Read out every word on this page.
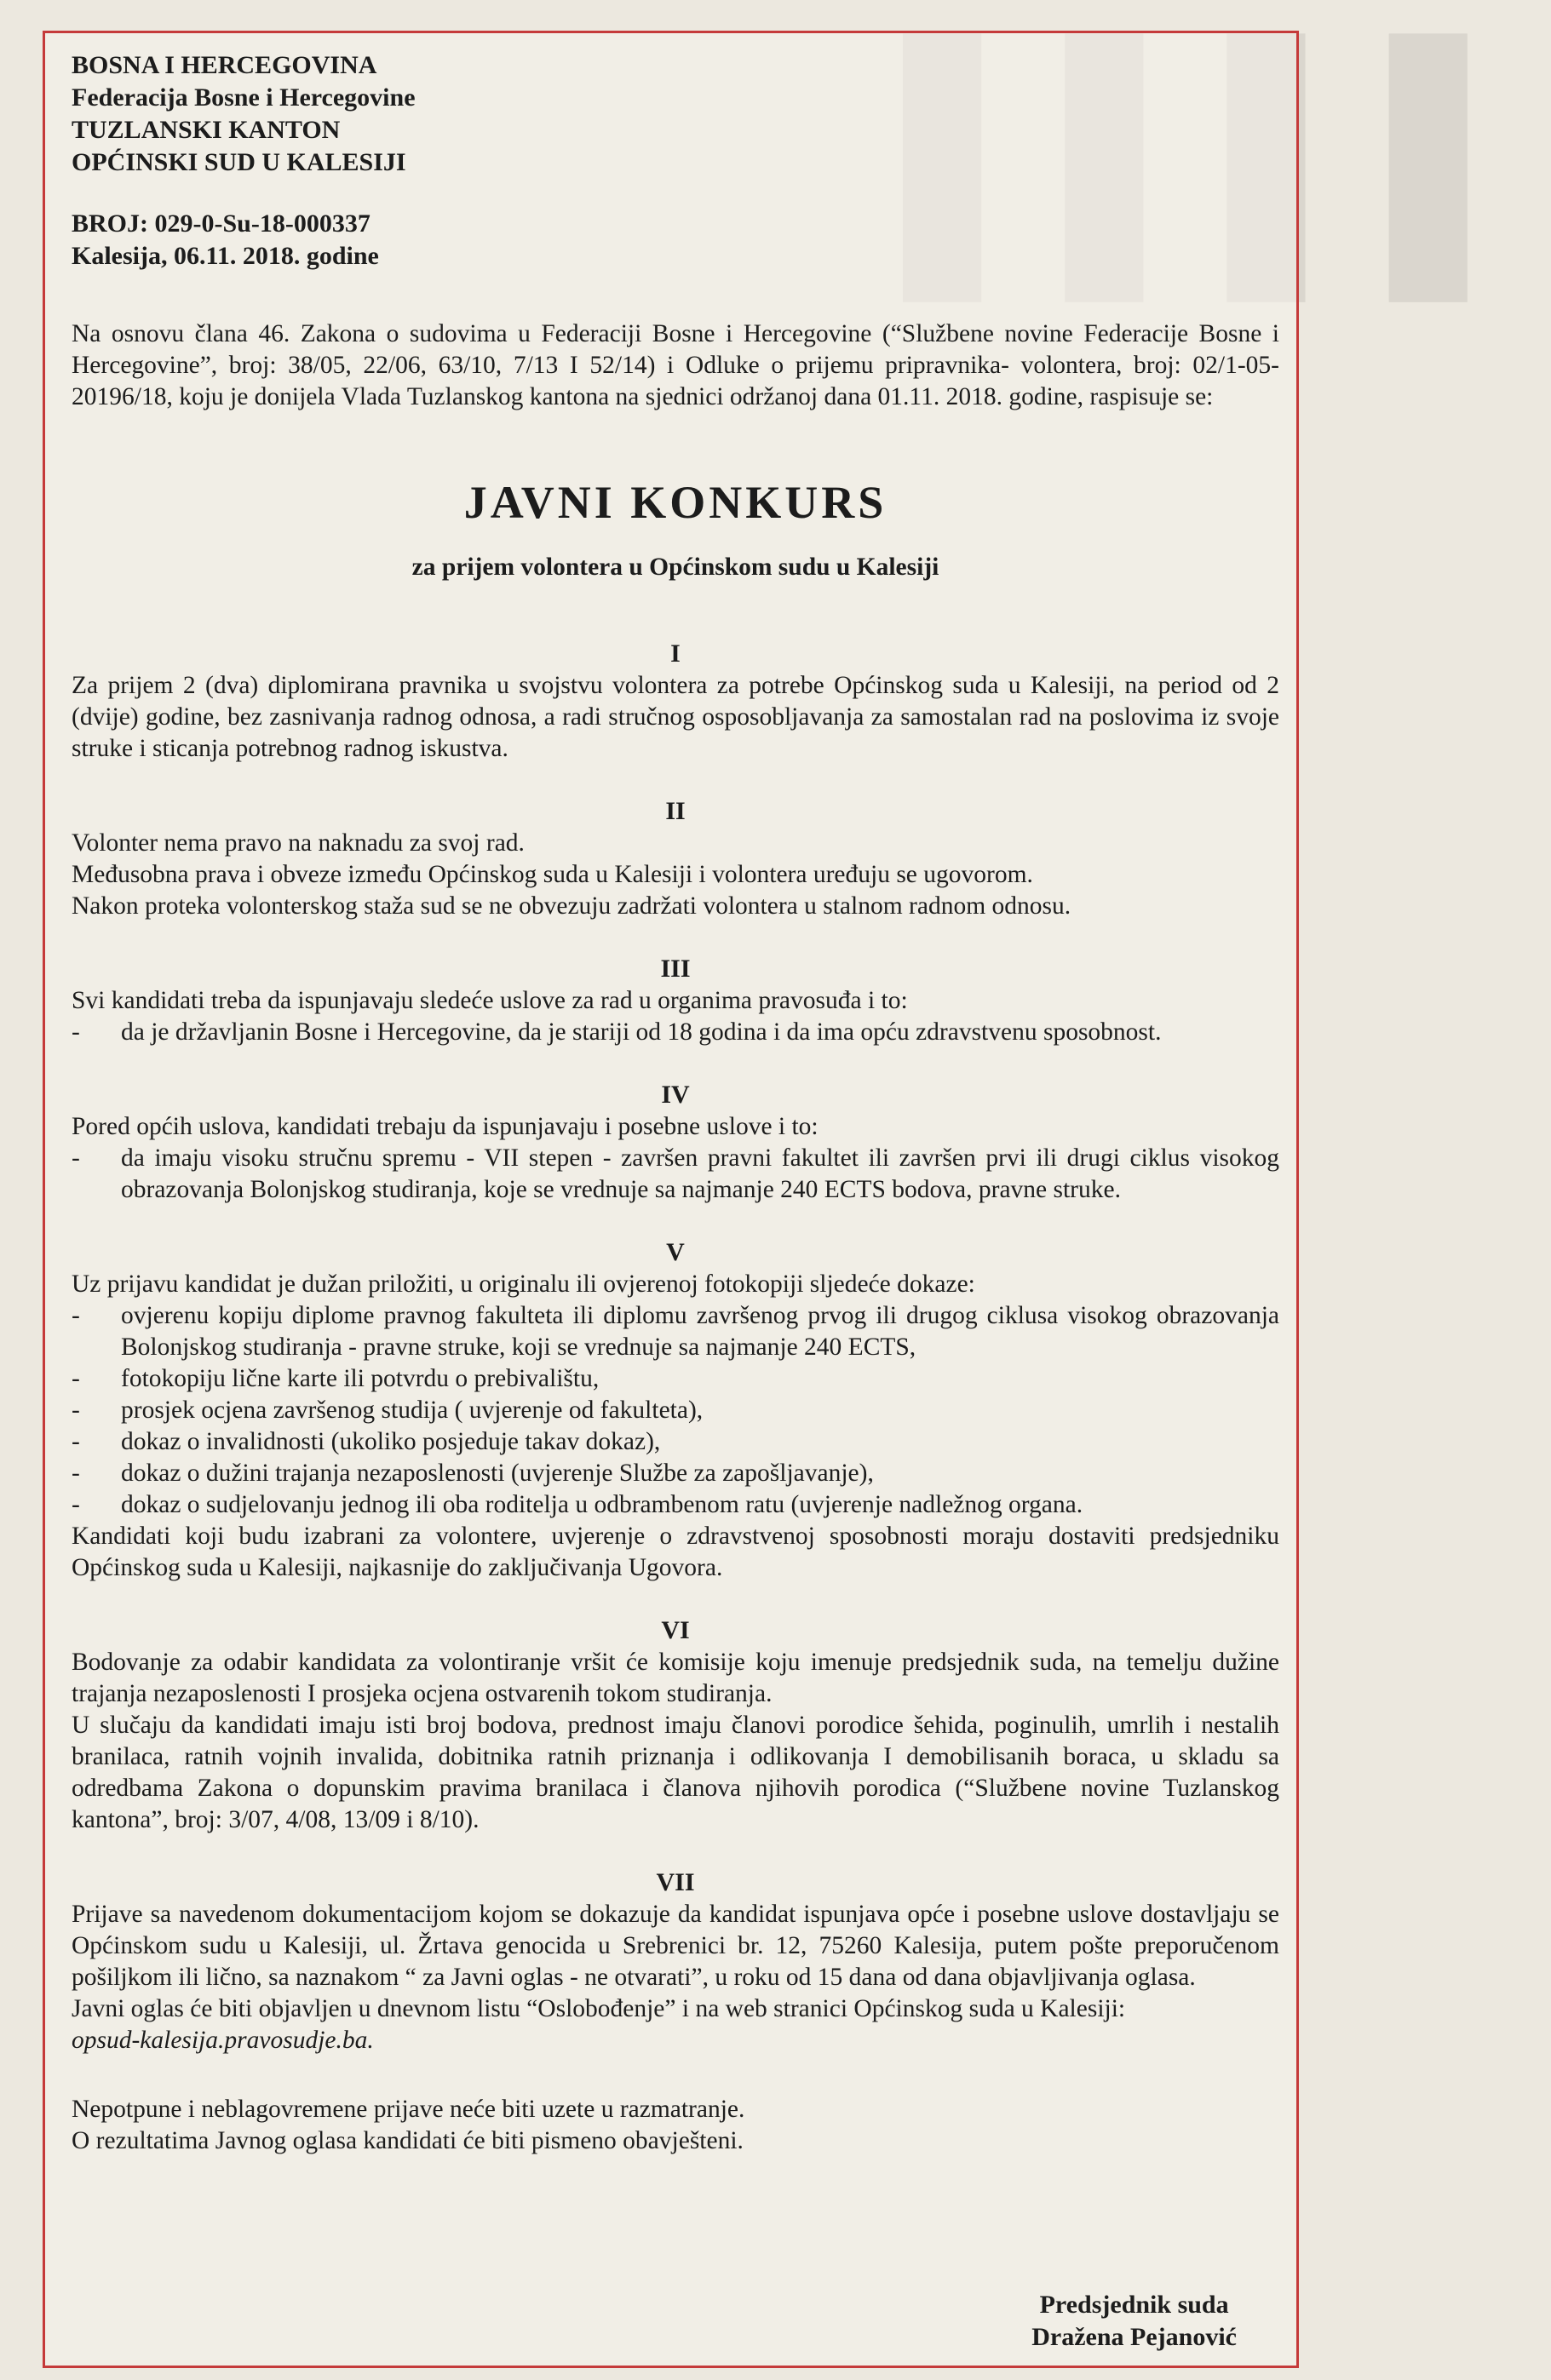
BOSNA I HERCEGOVINA

Federacija Bosne i Hercegovine

TUZLANSKI KANTON

OPĆINSKI SUD U KALESIJI

BROJ: 029-0-Su-18-000337

Kalesija, 06.11. 2018. godine

Na osnovu člana 46. Zakona o sudovima u Federaciji Bosne i Hercegovine (“Službene novine Federacije Bosne i Hercegovine”, broj: 38/05, 22/06, 63/10, 7/13 I 52/14) i Odluke o prijemu pripravnika- volontera, broj: 02/1-05-20196/18, koju je donijela Vlada Tuzlanskog kantona na sjednici održanoj dana 01.11. 2018. godine, raspisuje se:

JAVNI KONKURS

za prijem volontera u Općinskom sudu u Kalesiji

I

Za prijem 2 (dva) diplomirana pravnika u svojstvu volontera za potrebe Općinskog suda u Kalesiji, na period od 2 (dvije) godine, bez zasnivanja radnog odnosa, a radi stručnog osposobljavanja za samostalan rad na poslovima iz svoje struke i sticanja potrebnog radnog iskustva.

II

Volonter nema pravo na naknadu za svoj rad.

Međusobna prava i obveze između Općinskog suda u Kalesiji i volontera uređuju se ugovorom.

Nakon proteka volonterskog staža sud se ne obvezuju zadržati volontera u stalnom radnom odnosu.

III

Svi kandidati treba da ispunjavaju sledeće uslove za rad u organima pravosuđa i to:

- da je državljanin Bosne i Hercegovine, da je stariji od 18 godina i da ima opću zdravstvenu sposobnost.

IV

Pored općih uslova, kandidati trebaju da ispunjavaju i posebne uslove i to:

- da imaju visoku stručnu spremu - VII stepen - završen pravni fakultet ili završen prvi ili drugi ciklus visokog obrazovanja Bolonjskog studiranja, koje se vrednuje sa najmanje 240 ECTS bodova, pravne struke.

V

Uz prijavu kandidat je dužan priložiti, u originalu ili ovjerenoj fotokopiji sljedeće dokaze:

- ovjerenu kopiju diplome pravnog fakulteta ili diplomu završenog prvog ili drugog ciklusa visokog obrazovanja Bolonjskog studiranja - pravne struke, koji se vrednuje sa najmanje 240 ECTS,
- fotokopiju lične karte ili potvrdu o prebivalištu,
- prosjek ocjena završenog studija ( uvjerenje od fakulteta),
- dokaz o invalidnosti (ukoliko posjeduje takav dokaz),
- dokaz o dužini trajanja nezaposlenosti (uvjerenje Službe za zapošljavanje),
- dokaz o sudjelovanju jednog ili oba roditelja u odbrambenom ratu (uvjerenje nadležnog organa.

Kandidati koji budu izabrani za volontere, uvjerenje o zdravstvenoj sposobnosti moraju dostaviti predsjedniku Općinskog suda u Kalesiji, najkasnije do zaključivanja Ugovora.

VI

Bodovanje za odabir kandidata za volontiranje vršit će komisije koju imenuje predsjednik suda, na temelju dužine trajanja nezaposlenosti I prosjeka ocjena ostvarenih tokom studiranja.

U slučaju da kandidati imaju isti broj bodova, prednost imaju članovi porodice šehida, poginulih, umrlih i nestalih branilaca, ratnih vojnih invalida, dobitnika ratnih priznanja i odlikovanja I demobilisanih boraca, u skladu sa odredbama Zakona o dopunskim pravima branilaca i članova njihovih porodica (“Službene novine Tuzlanskog kantona”, broj: 3/07, 4/08, 13/09 i 8/10).

VII

Prijave sa navedenom dokumentacijom kojom se dokazuje da kandidat ispunjava opće i posebne uslove dostavljaju se Općinskom sudu u Kalesiji, ul. Žrtava genocida u Srebrenici br. 12, 75260 Kalesija, putem pošte preporučenom pošiljkom ili lično, sa naznakom “ za Javni oglas - ne otvarati”, u roku od 15 dana od dana objavljivanja oglasa.

Javni oglas će biti objavljen u dnevnom listu “Oslobođenje” i na web stranici Općinskog suda u Kalesiji:

opsud-kalesija.pravosudje.ba.

Nepotpune i neblagovremene prijave neće biti uzete u razmatranje.

O rezultatima Javnog oglasa kandidati će biti pismeno obavješteni.

Predsjednik suda
Dražena Pejanović
